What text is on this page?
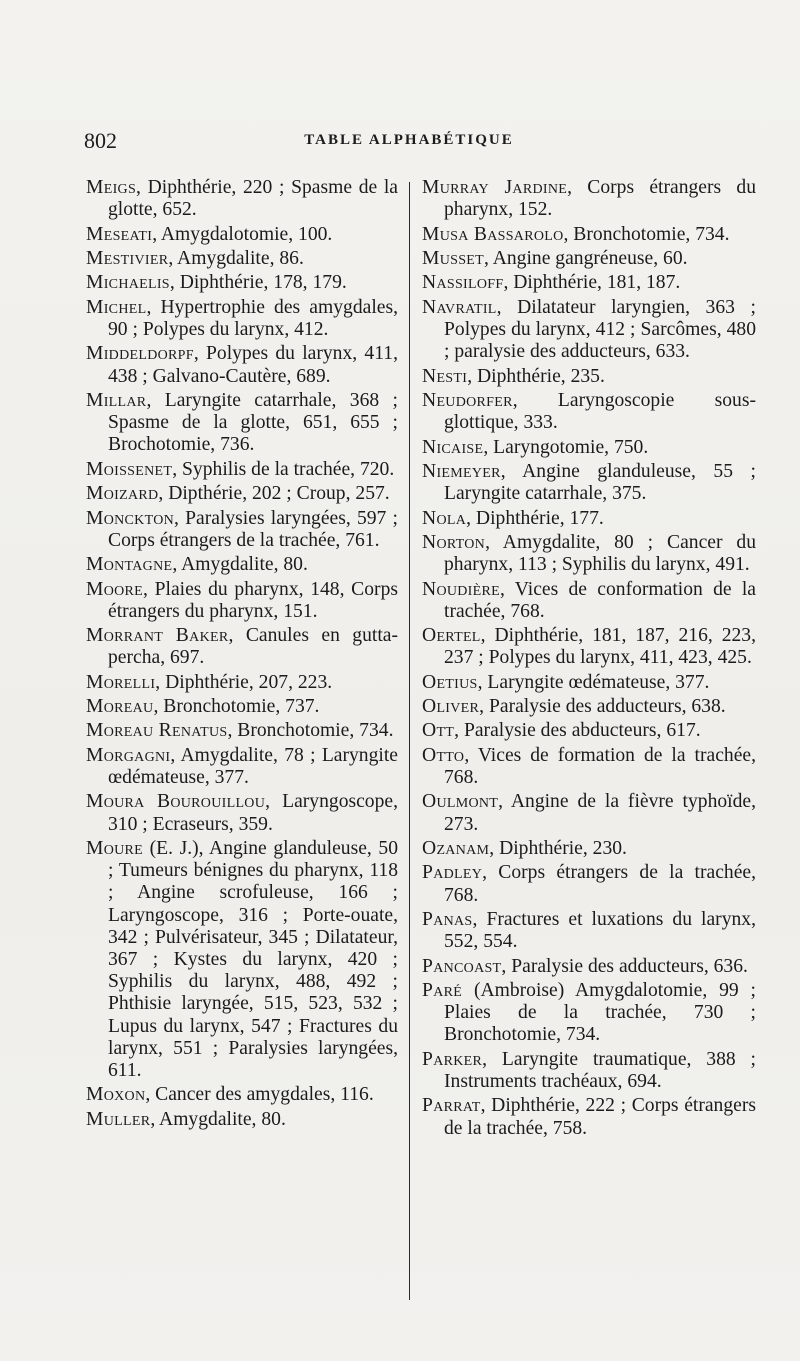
802	TABLE ALPHABÉTIQUE

Meigs, Diphthérie, 220 ; Spasme de la glotte, 652.

Meseati, Amygdalotomie, 100.

Mestivier, Amygdalite, 86.

Michaelis, Diphthérie, 178, 179.

Michel, Hypertrophie des amygdales, 90 ; Polypes du larynx, 412.

Middeldorpf, Polypes du larynx, 411, 438 ; Galvano-Cautère, 689.

Millar, Laryngite catarrhale, 368 ; Spasme de la glotte, 651, 655 ; Brochotomie, 736.

Moissenet, Syphilis de la trachée, 720.

Moizard, Dipthérie, 202 ; Croup, 257.

Monckton, Paralysies laryngées, 597 ; Corps étrangers de la trachée, 761.

Montagne, Amygdalite, 80.

Moore, Plaies du pharynx, 148, Corps étrangers du pharynx, 151.

Morrant Baker, Canules en gutta-percha, 697.

Morelli, Diphthérie, 207, 223.

Moreau, Bronchotomie, 737.

Moreau Renatus, Bronchotomie, 734.

Morgagni, Amygdalite, 78 ; Laryngite œdémateuse, 377.

Moura Bourouillou, Laryngoscope, 310 ; Ecraseurs, 359.

Moure (E. J.), Angine glanduleuse, 50 ; Tumeurs bénignes du pharynx, 118 ; Angine scrofuleuse, 166 ; Laryngoscope, 316 ; Porte-ouate, 342 ; Pulvérisateur, 345 ; Dilatateur, 367 ; Kystes du larynx, 420 ; Syphilis du larynx, 488, 492 ; Phthisie laryngée, 515, 523, 532 ; Lupus du larynx, 547 ; Fractures du larynx, 551 ; Paralysies laryngées, 611.

Moxon, Cancer des amygdales, 116.

Muller, Amygdalite, 80.

Murray Jardine, Corps étrangers du pharynx, 152.

Musa Bassarolo, Bronchotomie, 734.

Musset, Angine gangréneuse, 60.

Nassiloff, Diphthérie, 181, 187.

Navratil, Dilatateur laryngien, 363 ; Polypes du larynx, 412 ; Sarcômes, 480 ; paralysie des adducteurs, 633.

Nesti, Diphthérie, 235.

Neudorfer, Laryngoscopie sous-glottique, 333.

Nicaise, Laryngotomie, 750.

Niemeyer, Angine glanduleuse, 55 ; Laryngite catarrhale, 375.

Nola, Diphthérie, 177.

Norton, Amygdalite, 80 ; Cancer du pharynx, 113 ; Syphilis du larynx, 491.

Noudière, Vices de conformation de la trachée, 768.

Oertel, Diphthérie, 181, 187, 216, 223, 237 ; Polypes du larynx, 411, 423, 425.

Oetius, Laryngite œdémateuse, 377.

Oliver, Paralysie des adducteurs, 638.

Ott, Paralysie des abducteurs, 617.

Otto, Vices de formation de la trachée, 768.

Oulmont, Angine de la fièvre typhoïde, 273.

Ozanam, Diphthérie, 230.

Padley, Corps étrangers de la trachée, 768.

Panas, Fractures et luxations du larynx, 552, 554.

Pancoast, Paralysie des adducteurs, 636.

Paré (Ambroise) Amygdalotomie, 99 ; Plaies de la trachée, 730 ; Bronchotomie, 734.

Parker, Laryngite traumatique, 388 ; Instruments trachéaux, 694.

Parrat, Diphthérie, 222 ; Corps étrangers de la trachée, 758.
